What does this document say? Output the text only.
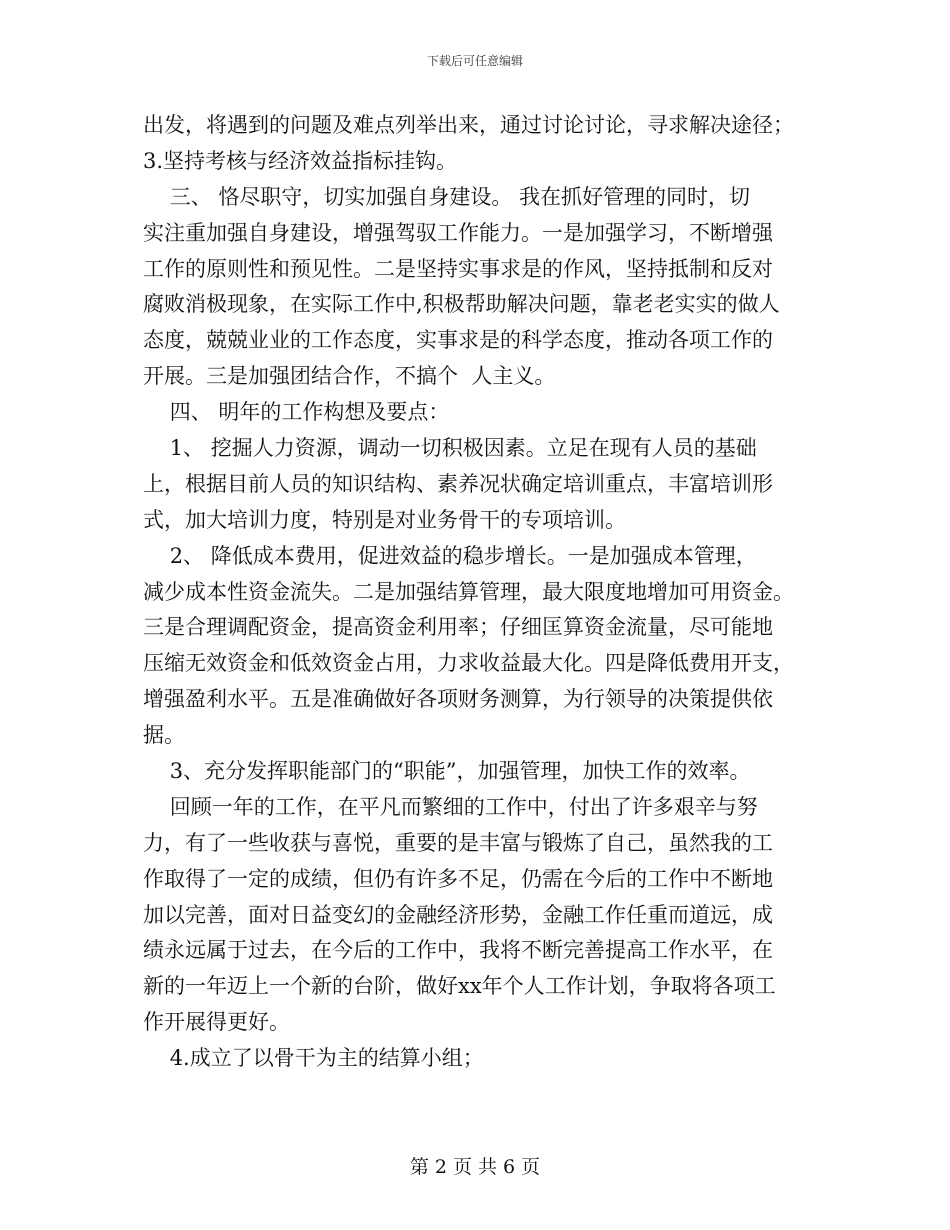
下载后可任意编辑
出发，将遇到的问题及难点列举出来，通过讨论讨论，寻求解决途径；
3.坚持考核与经济效益指标挂钩。
三、 恪尽职守，切实加强自身建设。 我在抓好管理的同时，切
实注重加强自身建设，增强驾驭工作能力。一是加强学习，不断增强
工作的原则性和预见性。二是坚持实事求是的作风，坚持抵制和反对
腐败消极现象，在实际工作中,积极帮助解决问题，靠老老实实的做人
态度，兢兢业业的工作态度，实事求是的科学态度，推动各项工作的
开展。三是加强团结合作，不搞个  人主义。
四、 明年的工作构想及要点：
1、 挖掘人力资源，调动一切积极因素。立足在现有人员的基础
上，根据目前人员的知识结构、素养况状确定培训重点，丰富培训形
式，加大培训力度，特别是对业务骨干的专项培训。
2、 降低成本费用，促进效益的稳步增长。一是加强成本管理，
减少成本性资金流失。二是加强结算管理，最大限度地增加可用资金。
三是合理调配资金，提高资金利用率；仔细匡算资金流量，尽可能地
压缩无效资金和低效资金占用，力求收益最大化。四是降低费用开支，
增强盈利水平。五是准确做好各项财务测算，为行领导的决策提供依
据。
3、充分发挥职能部门的“职能”，加强管理，加快工作的效率。
回顾一年的工作，在平凡而繁细的工作中，付出了许多艰辛与努
力，有了一些收获与喜悦，重要的是丰富与锻炼了自己，虽然我的工
作取得了一定的成绩，但仍有许多不足，仍需在今后的工作中不断地
加以完善，面对日益变幻的金融经济形势，金融工作任重而道远，成
绩永远属于过去，在今后的工作中，我将不断完善提高工作水平，在
新的一年迈上一个新的台阶，做好xx年个人工作计划，争取将各项工
作开展得更好。
4.成立了以骨干为主的结算小组；
第 2 页 共 6 页
